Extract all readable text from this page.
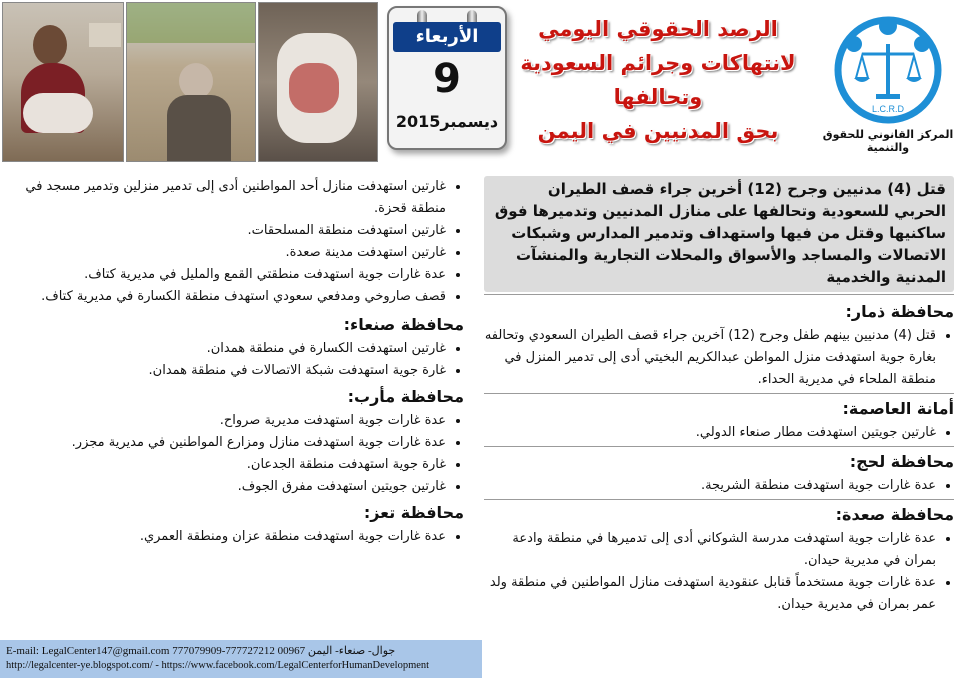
الأربعاء
9
ديسمبر2015
الرصد الحقوقي اليومي
لانتهاكات وجرائم السعودية وتحالفها
بحق المدنيين في اليمن
L.C.R.D
المركز القانوني للحقوق والتنمية
قتل (4) مدنيين وجرح (12) أخرين جراء قصف الطيران الحربي للسعودية وتحالفها على منازل المدنيين وتدميرها فوق ساكنيها وقتل من فيها واستهداف وتدمير المدارس وشبكات الاتصالات والمساجد والأسواق والمحلات التجارية والمنشآت المدنية والخدمية
محافظة ذمار:
• قتل (4) مدنيين بينهم طفل وجرح (12) آخرين جراء قصف الطيران السعودي وتحالفه بغارة جوية استهدفت منزل المواطن عبدالكريم البخيتي أدى إلى تدمير المنزل في منطقة الملحاء في مديرية الحداء.
أمانة العاصمة:
• غارتين جويتين استهدفت مطار صنعاء الدولي.
محافظة لحج:
• عدة غارات جوية استهدفت منطقة الشريجة.
محافظة صعدة:
• عدة غارات جوية استهدفت مدرسة الشوكاني أدى إلى تدميرها في منطقة وادعة بمران في مديرية حيدان.
• عدة غارات جوية مستخدماً قنابل عنقودية استهدفت منازل المواطنين في منطقة ولد عمر بمران في مديرية حيدان.
• غارتين استهدفت منازل أحد المواطنين أدى إلى تدمير منزلين وتدمير مسجد في منطقة قحزة.
• غارتين استهدفت منطقة المسلحقات.
• غارتين استهدفت مدينة صعدة.
• عدة غارات جوية استهدفت منطقتي القمع والمليل في مديرية كتاف.
• قصف صاروخي ومدفعي سعودي استهدف منطقة الكسارة في مديرية كتاف.
محافظة صنعاء:
• غارتين استهدفت الكسارة في منطقة همدان.
• غارة جوية استهدفت شبكة الاتصالات في منطقة همدان.
محافظة مأرب:
• عدة غارات جوية استهدفت مديرية صرواح.
• عدة غارات جوية استهدفت منازل ومزارع المواطنين في مديرية مجزر.
• غارة جوية استهدفت منطقة الجدعان.
• غارتين جويتين استهدفت مفرق الجوف.
محافظة تعز:
• عدة غارات جوية استهدفت منطقة عزان ومنطقة العمري.
E-mail: LegalCenter147@gmail.com 777079909-777727212 00967 جوال- صنعاء- اليمن
http://legalcenter-ye.blogspot.com/ - https://www.facebook.com/LegalCenterforHumanDevelopment
